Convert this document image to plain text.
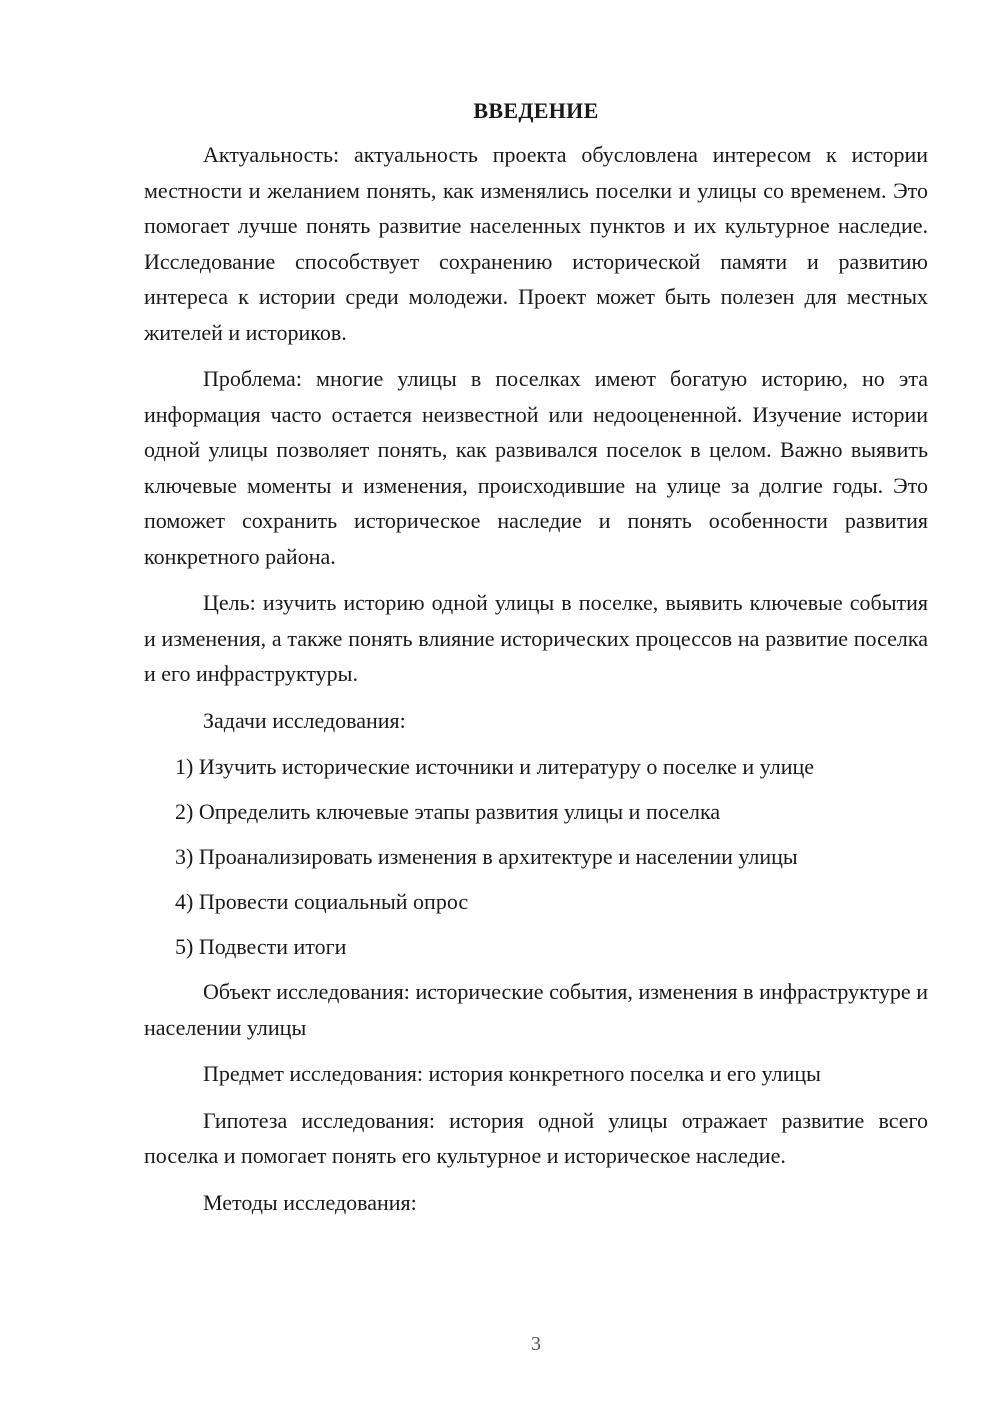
ВВЕДЕНИЕ

Актуальность: актуальность проекта обусловлена интересом к истории местности и желанием понять, как изменялись поселки и улицы со временем. Это помогает лучше понять развитие населенных пунктов и их культурное наследие. Исследование способствует сохранению исторической памяти и развитию интереса к истории среди молодежи. Проект может быть полезен для местных жителей и историков.

Проблема: многие улицы в поселках имеют богатую историю, но эта информация часто остается неизвестной или недооцененной. Изучение истории одной улицы позволяет понять, как развивался поселок в целом. Важно выявить ключевые моменты и изменения, происходившие на улице за долгие годы. Это поможет сохранить историческое наследие и понять особенности развития конкретного района.

Цель: изучить историю одной улицы в поселке, выявить ключевые события и изменения, а также понять влияние исторических процессов на развитие поселка и его инфраструктуры.

Задачи исследования:

1) Изучить исторические источники и литературу о поселке и улице
2) Определить ключевые этапы развития улицы и поселка
3) Проанализировать изменения в архитектуре и населении улицы
4) Провести социальный опрос
5) Подвести итоги

Объект исследования: исторические события, изменения в инфраструктуре и населении улицы

Предмет исследования: история конкретного поселка и его улицы

Гипотеза исследования: история одной улицы отражает развитие всего поселка и помогает понять его культурное и историческое наследие.

Методы исследования:

3
